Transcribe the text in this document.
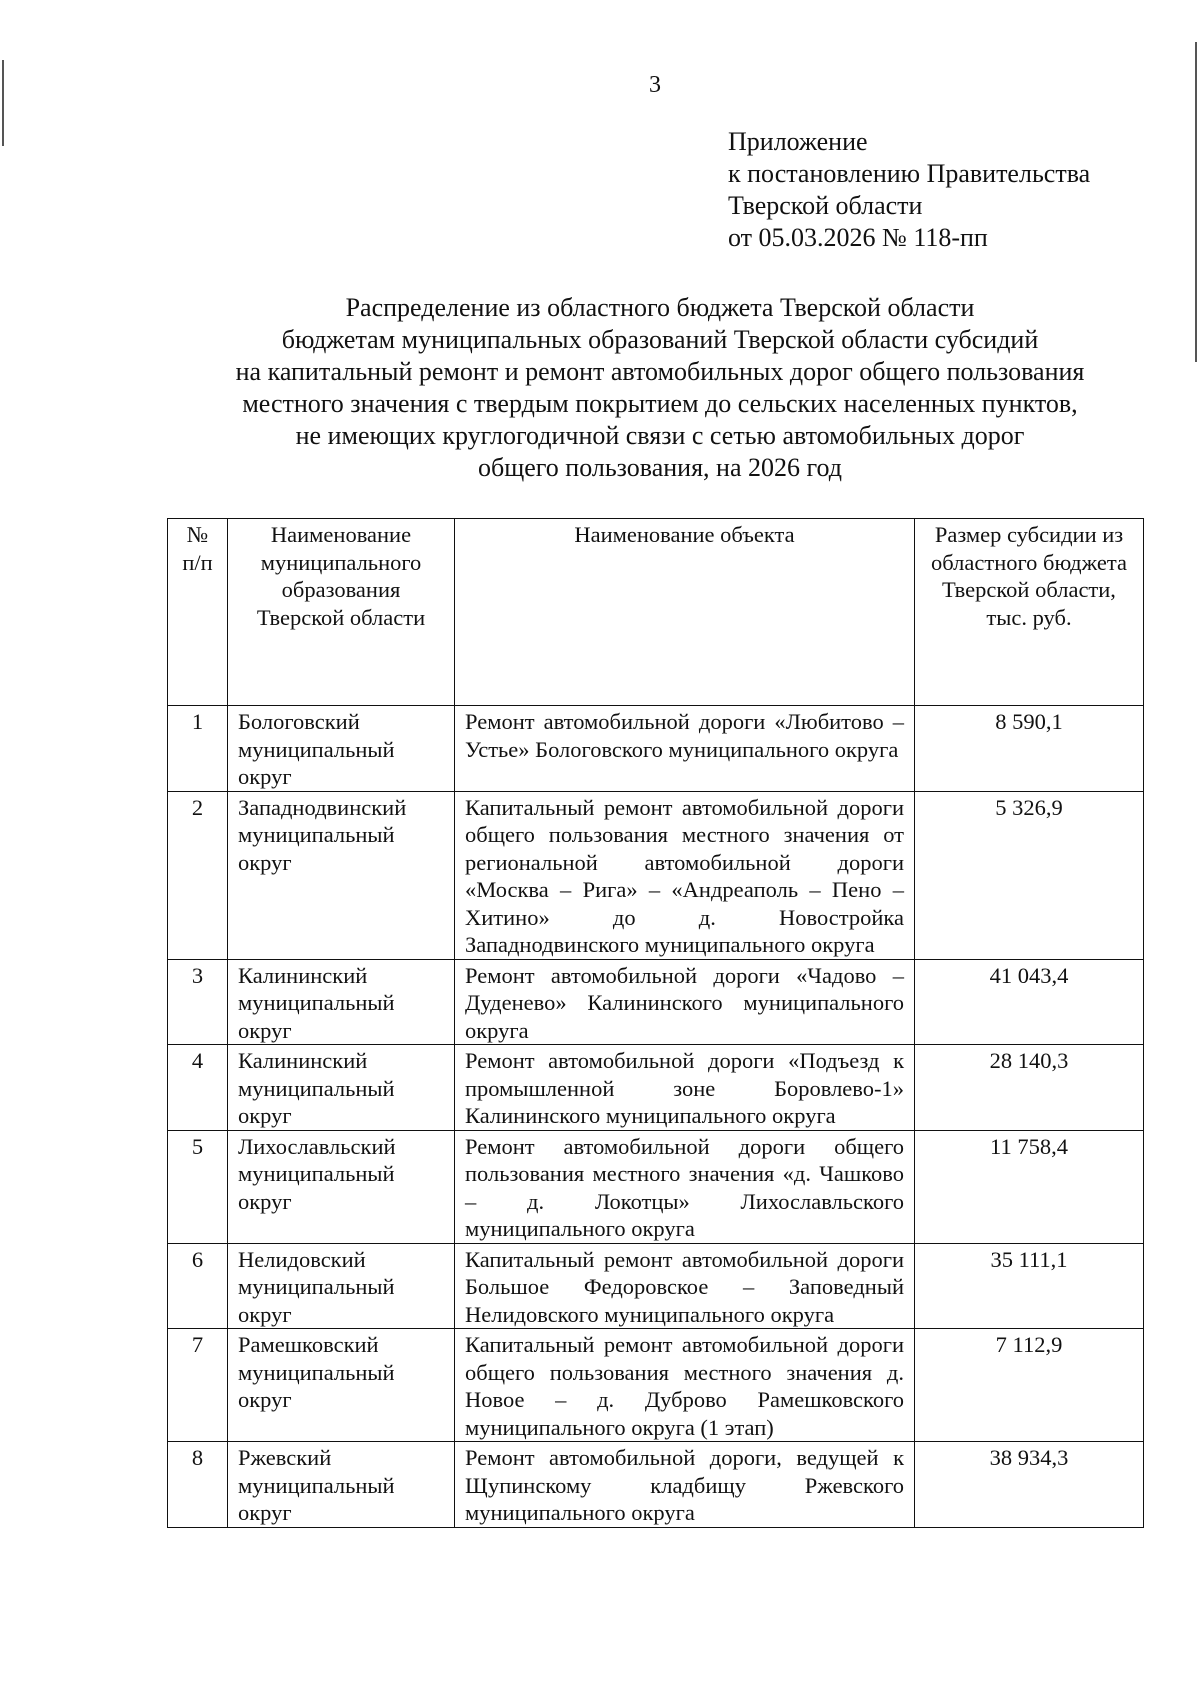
3
Приложение
к постановлению Правительства
Тверской области
от 05.03.2026 № 118-пп
Распределение из областного бюджета Тверской области
бюджетам муниципальных образований Тверской области субсидий
на капитальный ремонт и ремонт автомобильных дорог общего пользования
местного значения с твердым покрытием до сельских населенных пунктов,
не имеющих круглогодичной связи с сетью автомобильных дорог
общего пользования, на 2026 год
№ п/п	Наименование муниципального образования Тверской области	Наименование объекта	Размер субсидии из областного бюджета Тверской области, тыс. руб.
1	Бологовский муниципальный округ	Ремонт автомобильной дороги «Любитово – Устье» Бологовского муниципального округа	8 590,1
2	Западнодвинский муниципальный округ	Капитальный ремонт автомобильной дороги общего пользования местного значения от региональной автомобильной дороги «Москва – Рига» – «Андреаполь – Пено – Хитино» до д. Новостройка Западнодвинского муниципального округа	5 326,9
3	Калининский муниципальный округ	Ремонт автомобильной дороги «Чадово – Дуденево» Калининского муниципального округа	41 043,4
4	Калининский муниципальный округ	Ремонт автомобильной дороги «Подъезд к промышленной зоне Боровлево-1» Калининского муниципального округа	28 140,3
5	Лихославльский муниципальный округ	Ремонт автомобильной дороги общего пользования местного значения «д. Чашково – д. Локотцы» Лихославльского муниципального округа	11 758,4
6	Нелидовский муниципальный округ	Капитальный ремонт автомобильной дороги Большое Федоровское – Заповедный Нелидовского муниципального округа	35 111,1
7	Рамешковский муниципальный округ	Капитальный ремонт автомобильной дороги общего пользования местного значения д. Новое – д. Дуброво Рамешковского муниципального округа (1 этап)	7 112,9
8	Ржевский муниципальный округ	Ремонт автомобильной дороги, ведущей к Щупинскому кладбищу Ржевского муниципального округа	38 934,3
